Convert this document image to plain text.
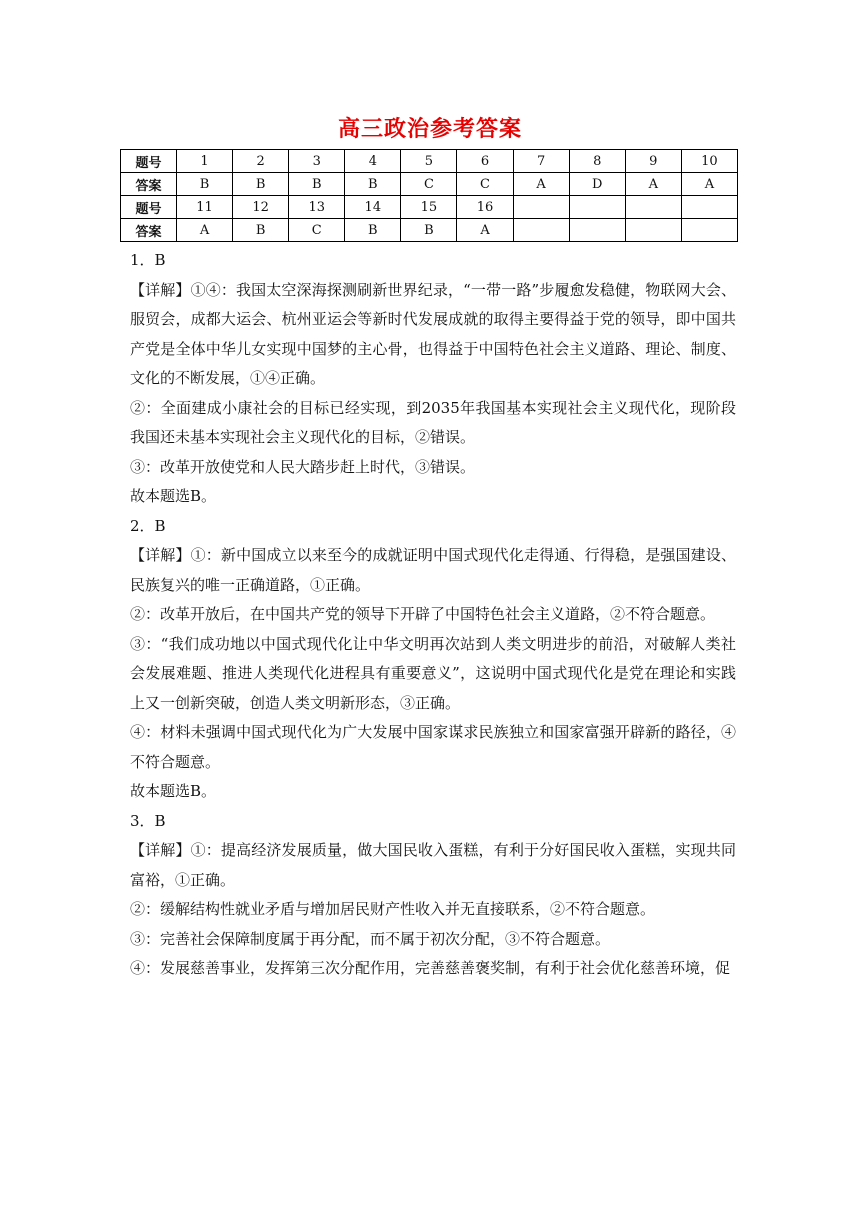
高三政治参考答案
题号	1	2	3	4	5	6	7	8	9	10
答案	B	B	B	B	C	C	A	D	A	A
题号	11	12	13	14	15	16				
答案	A	B	C	B	B	A				

1．B

【详解】①④：我国太空深海探测刷新世界纪录，“一带一路”步履愈发稳健，物联网大会、服贸会，成都大运会、杭州亚运会等新时代发展成就的取得主要得益于党的领导，即中国共产党是全体中华儿女实现中国梦的主心骨，也得益于中国特色社会主义道路、理论、制度、文化的不断发展，①④正确。

②：全面建成小康社会的目标已经实现，到2035年我国基本实现社会主义现代化，现阶段我国还未基本实现社会主义现代化的目标，②错误。

③：改革开放使党和人民大踏步赶上时代，③错误。

故本题选B。

2．B

【详解】①：新中国成立以来至今的成就证明中国式现代化走得通、行得稳，是强国建设、民族复兴的唯一正确道路，①正确。

②：改革开放后，在中国共产党的领导下开辟了中国特色社会主义道路，②不符合题意。

③：“我们成功地以中国式现代化让中华文明再次站到人类文明进步的前沿，对破解人类社会发展难题、推进人类现代化进程具有重要意义”，这说明中国式现代化是党在理论和实践上又一创新突破，创造人类文明新形态，③正确。

④：材料未强调中国式现代化为广大发展中国家谋求民族独立和国家富强开辟新的路径，④不符合题意。

故本题选B。

3．B

【详解】①：提高经济发展质量，做大国民收入蛋糕，有利于分好国民收入蛋糕，实现共同富裕，①正确。

②：缓解结构性就业矛盾与增加居民财产性收入并无直接联系，②不符合题意。

③：完善社会保障制度属于再分配，而不属于初次分配，③不符合题意。

④：发展慈善事业，发挥第三次分配作用，完善慈善褒奖制，有利于社会优化慈善环境，促
